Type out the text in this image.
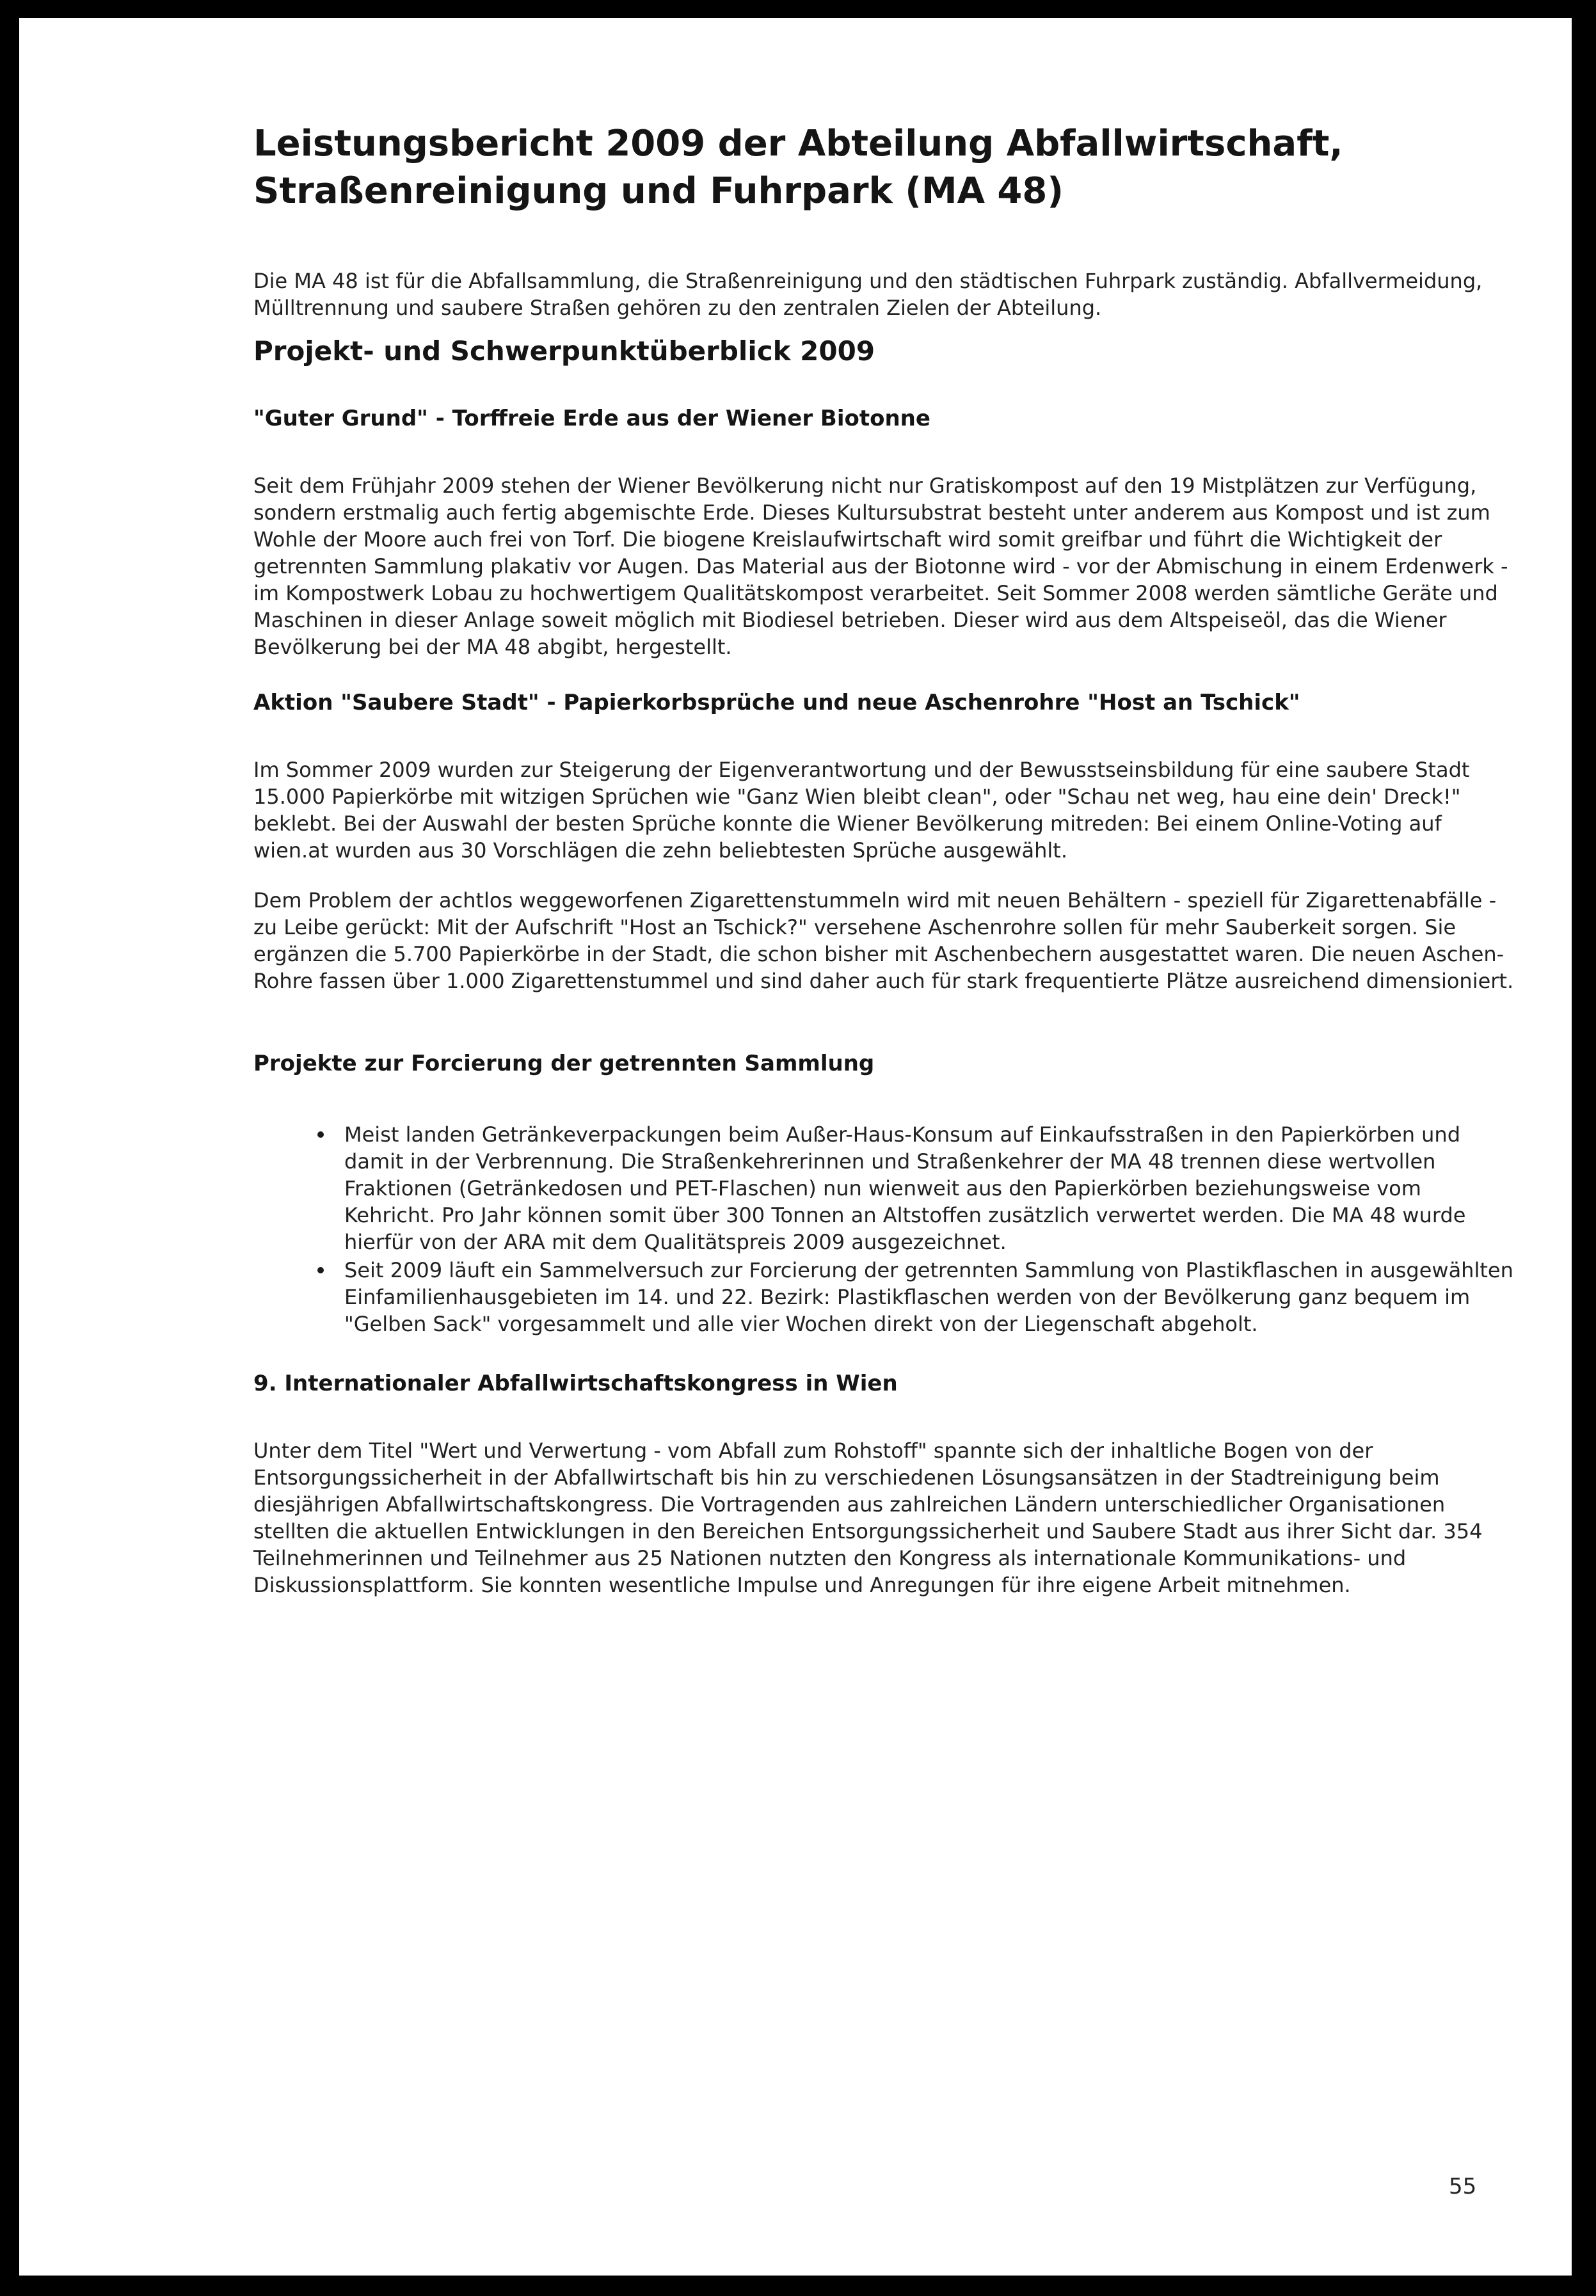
Leistungsbericht 2009 der Abteilung Abfallwirtschaft,
Straßenreinigung und Fuhrpark (MA 48)

Die MA 48 ist für die Abfallsammlung, die Straßenreinigung und den städtischen Fuhrpark zuständig. Abfallvermeidung, Mülltrennung und saubere Straßen gehören zu den zentralen Zielen der Abteilung.

Projekt- und Schwerpunktüberblick 2009
"Guter Grund" - Torffreie Erde aus der Wiener Biotonne

Seit dem Frühjahr 2009 stehen der Wiener Bevölkerung nicht nur Gratiskompost auf den 19 Mistplätzen zur Verfügung, sondern erstmalig auch fertig abgemischte Erde. Dieses Kultursubstrat besteht unter anderem aus Kompost und ist zum Wohle der Moore auch frei von Torf. Die biogene Kreislaufwirtschaft wird somit greifbar und führt die Wichtigkeit der getrennten Sammlung plakativ vor Augen. Das Material aus der Biotonne wird - vor der Abmischung in einem Erdenwerk - im Kompostwerk Lobau zu hochwertigem Qualitätskompost verarbeitet. Seit Sommer 2008 werden sämtliche Geräte und Maschinen in dieser Anlage soweit möglich mit Biodiesel betrieben. Dieser wird aus dem Altspeiseöl, das die Wiener Bevölkerung bei der MA 48 abgibt, hergestellt.

Aktion "Saubere Stadt" - Papierkorbsprüche und neue Aschenrohre "Host an Tschick"

Im Sommer 2009 wurden zur Steigerung der Eigenverantwortung und der Bewusstseinsbildung für eine saubere Stadt 15.000 Papierkörbe mit witzigen Sprüchen wie "Ganz Wien bleibt clean", oder "Schau net weg, hau eine dein' Dreck!" beklebt. Bei der Auswahl der besten Sprüche konnte die Wiener Bevölkerung mitreden: Bei einem Online-Voting auf wien.at wurden aus 30 Vorschlägen die zehn beliebtesten Sprüche ausgewählt.

Dem Problem der achtlos weggeworfenen Zigarettenstummeln wird mit neuen Behältern - speziell für Zigarettenabfälle - zu Leibe gerückt: Mit der Aufschrift "Host an Tschick?" versehene Aschenrohre sollen für mehr Sauberkeit sorgen. Sie ergänzen die 5.700 Papierkörbe in der Stadt, die schon bisher mit Aschenbechern ausgestattet waren. Die neuen Aschen-Rohre fassen über 1.000 Zigarettenstummel und sind daher auch für stark frequentierte Plätze ausreichend dimensioniert.

Projekte zur Forcierung der getrennten Sammlung
Meist landen Getränkeverpackungen beim Außer-Haus-Konsum auf Einkaufsstraßen in den Papierkörben und damit in der Verbrennung. Die Straßenkehrerinnen und Straßenkehrer der MA 48 trennen diese wertvollen Fraktionen (Getränkedosen und PET-Flaschen) nun wienweit aus den Papierkörben beziehungsweise vom Kehricht. Pro Jahr können somit über 300 Tonnen an Altstoffen zusätzlich verwertet werden. Die MA 48 wurde hierfür von der ARA mit dem Qualitätspreis 2009 ausgezeichnet.
Seit 2009 läuft ein Sammelversuch zur Forcierung der getrennten Sammlung von Plastikflaschen in ausgewählten Einfamilienhausgebieten im 14. und 22. Bezirk: Plastikflaschen werden von der Bevölkerung ganz bequem im "Gelben Sack" vorgesammelt und alle vier Wochen direkt von der Liegenschaft abgeholt.
9. Internationaler Abfallwirtschaftskongress in Wien

Unter dem Titel "Wert und Verwertung - vom Abfall zum Rohstoff" spannte sich der inhaltliche Bogen von der Entsorgungssicherheit in der Abfallwirtschaft bis hin zu verschiedenen Lösungsansätzen in der Stadtreinigung beim diesjährigen Abfallwirtschaftskongress. Die Vortragenden aus zahlreichen Ländern unterschiedlicher Organisationen stellten die aktuellen Entwicklungen in den Bereichen Entsorgungssicherheit und Saubere Stadt aus ihrer Sicht dar. 354 Teilnehmerinnen und Teilnehmer aus 25 Nationen nutzten den Kongress als internationale Kommunikations- und Diskussionsplattform. Sie konnten wesentliche Impulse und Anregungen für ihre eigene Arbeit mitnehmen.

55
